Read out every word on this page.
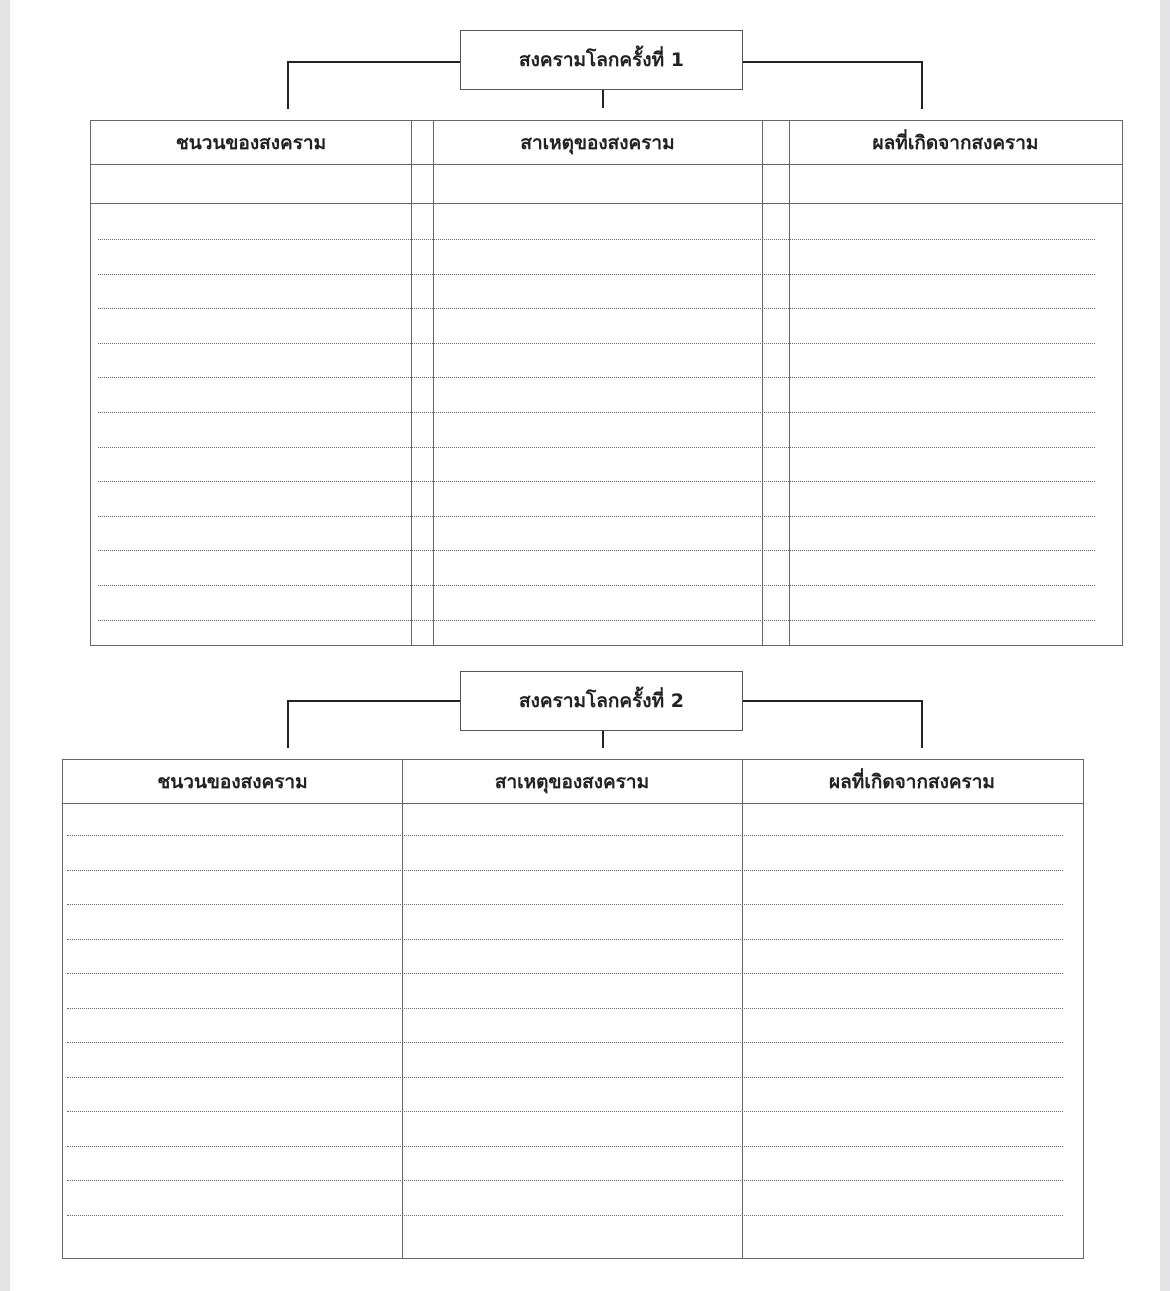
สงครามโลกครั้งที่ 1
ชนวนของสงคราม	สาเหตุของสงคราม	ผลที่เกิดจากสงคราม
สงครามโลกครั้งที่ 2
ชนวนของสงคราม	สาเหตุของสงคราม	ผลที่เกิดจากสงคราม
